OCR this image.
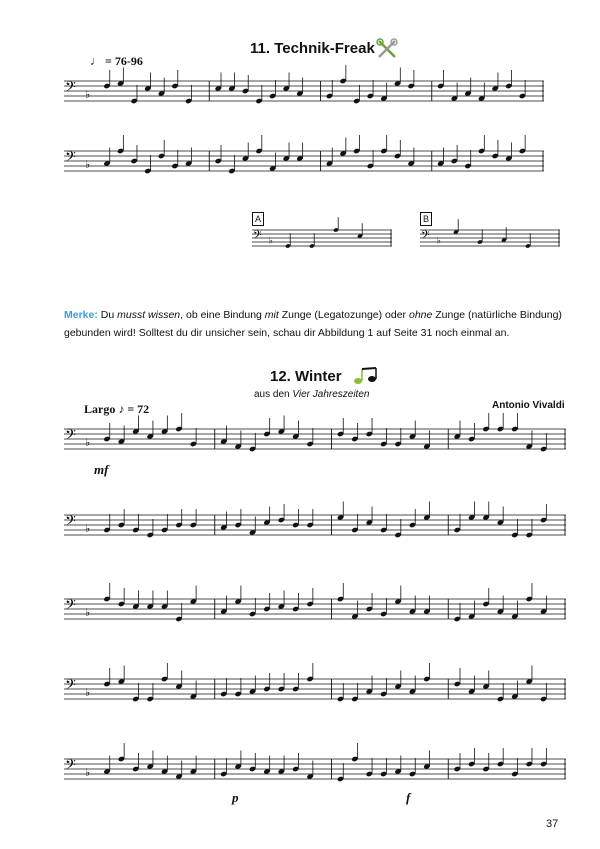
11. Technik-Freak
♩ = 76-96
𝄢 ♭
𝄢 ♭
A
𝄢 ♭
B
𝄢 ♭
Merke: Du musst wissen, ob eine Bindung mit Zunge (Legatozunge) oder ohne Zunge (natürliche Bindung) gebunden wird! Solltest du dir unsicher sein, schau dir Abbildung 1 auf Seite 31 noch einmal an.
12. Winter
aus den Vier Jahreszeiten
Antonio Vivaldi
Largo ♪ = 72
𝄢 ♭
mf
𝄢 ♭
𝄢 ♭
𝄢 ♭
𝄢 ♭
p	f
37
